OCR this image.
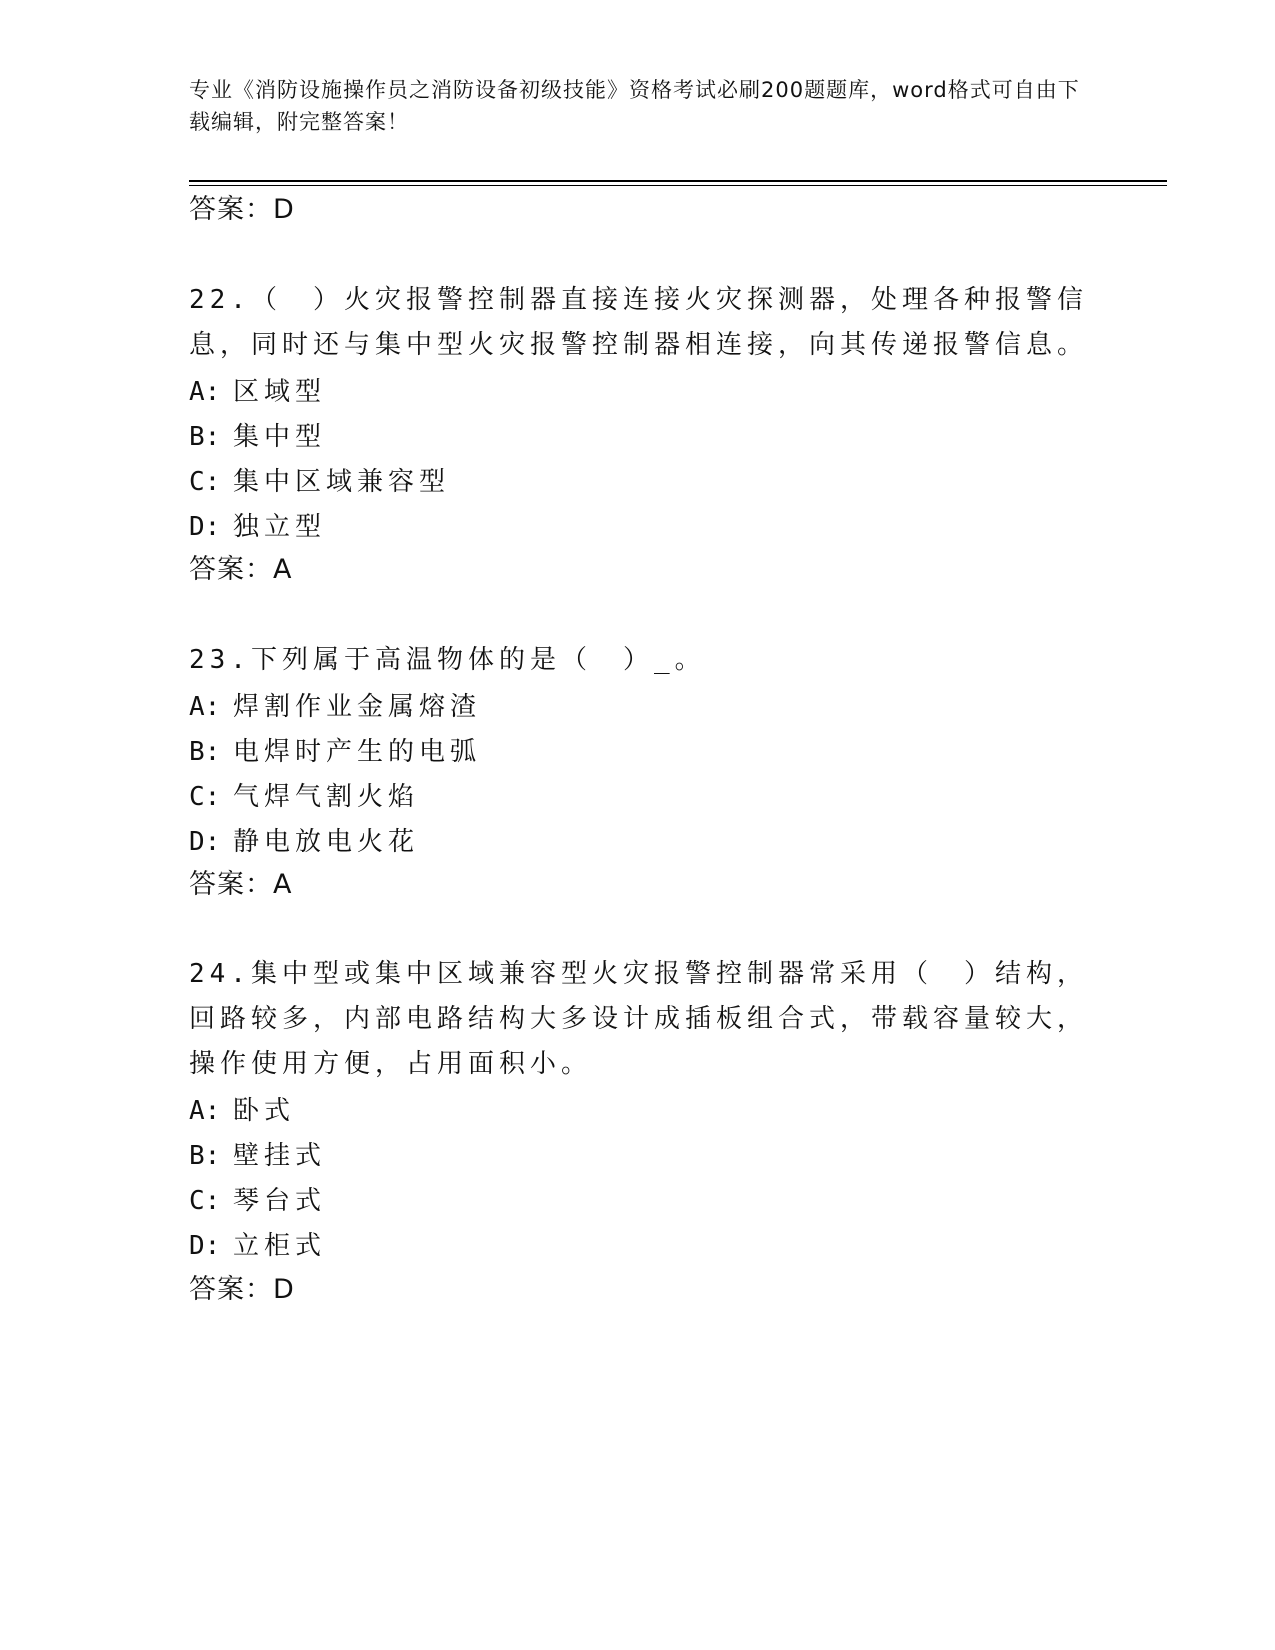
专业《消防设施操作员之消防设备初级技能》资格考试必刷200题题库，word格式可自由下载编辑，附完整答案！
答案：D
22.（　）火灾报警控制器直接连接火灾探测器，处理各种报警信息，同时还与集中型火灾报警控制器相连接，向其传递报警信息。
A: 区域型
B: 集中型
C: 集中区域兼容型
D: 独立型
答案：A
23.下列属于高温物体的是（　）_。
A: 焊割作业金属熔渣
B: 电焊时产生的电弧
C: 气焊气割火焰
D: 静电放电火花
答案：A
24.集中型或集中区域兼容型火灾报警控制器常采用（　）结构，回路较多，内部电路结构大多设计成插板组合式，带载容量较大，操作使用方便，占用面积小。
A: 卧式
B: 壁挂式
C: 琴台式
D: 立柜式
答案：D
